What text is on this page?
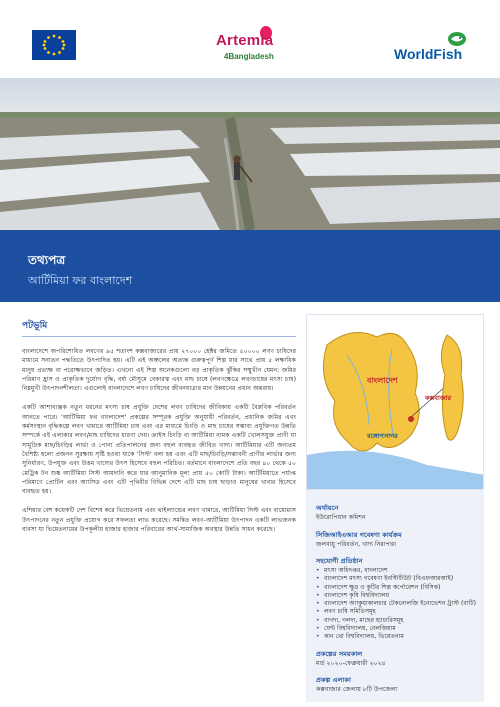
Artemia
4Bangladesh	WorldFish
তথ্যপত্র
আর্টিমিয়া ফর বাংলাদেশ
পটভূমি

বাংলাদেশে অপরিশোধিত লবণের ৯৫ শতাংশ কক্সবাজারের প্রায় ২৭০০০ হেক্টর জমিতে ৫০০০০ লবণ চাষিদের মাধ্যমে সনাতন পদ্ধতিতে উৎপাদিত হয়। এটি এই অঞ্চলের অত্যন্ত গুরুত্বপূর্ণ শিল্প যার সাথে প্রায় ৫ লক্ষাধিক মানুষ প্রত্যক্ষ বা পরোক্ষভাবে জড়িত। এখনো এই শিল্প অনেকগুলো বড় প্রাকৃতিক ঝুঁকির সম্মুখীন যেমন: জমির পরিমাণ হ্রাস ও প্রাকৃতিক দুর্যোগ বৃদ্ধি, বর্ষা মৌসুমে বেকারত্ব এবং মাছ চাষে (লবণক্ষেত্রে লবণচাষের মৎস্য চাষ) নিম্নমুখী উৎপাদনশীলতা। এগুলোই বাংলাদেশে লবণ চাষিদের জীবনযাত্রার মান উন্নয়নের প্রধান অন্তরায়।

একটি আশাব্যঞ্জক নতুন ধরনের মৎস্য চাষ প্রযুক্তি দেশের লবণ চাষিদের জীবিকায় একটি বৈপ্লবিক পরিবর্তন আনতে পারে। 'আর্টিমিয়া ফর বাংলাদেশ' প্রকল্পের সম্পূরক প্রযুক্তি অনুযায়ী পরিবর্তন, প্রধানিক জমির এবং কর্মসংস্থান বৃদ্ধিকল্পে লবণ খামারে আর্টিমিয়া চাষ এবং এর মাধ্যমে চিংড়ি ও মাছ চাষের সম্ভাব্য প্রযুক্তিগত উন্নতি সম্পর্কে এই এলাকার লবণ/মাছ চাষিদের ধারণা দেয়। ক্রাইস চিংড়ি বা আর্টিমিয়া নামক একটি খোলসযুক্ত প্রাণী যা সামুদ্রিক মাছ/চিংড়ির লার্ভা ও পোনা প্রতিপালনের জন্য বহুল ব্যবহৃত জীবিত খাদ্য। আর্টিমিয়ার এটি অন্যতম বৈশিষ্ট্য হলো প্রজনন সুরক্ষায় সৃষ্টি হওয়া যাকে 'সিস্ট' বলা হয় এবং এটি মাছ/চিংড়ি/সম্ভাবনী প্রাণীর লার্ভার জন্য সুনির্ধারণ, উপযুক্ত এবং উত্তম খাদ্যের উৎস হিসেবে বহুল পরিচিত। বর্তমানে বাংলাদেশে প্রতি বছর ৪০ থেকে ৫০ মেট্রিক টন শুষ্ক আর্টিমিয়া সিস্ট আমদানি করে যার আনুমানিক মূল্য প্রায় ৫০ কোটি টাকা। আর্টিমিয়াতে পর্যাপ্ত পরিমাণে প্রোটিন এবং অ্যাসিড এবং এটি পৃথিবীর বিভিন্ন দেশে এটি মাছ চাষ ছাড়াও মানুষের খাবার হিসেবে ব্যবহৃত হয়।

এশিয়ার বেশ কয়েকটি দেশ বিশেষ করে ভিয়েতনাম এবং থাইল্যান্ডের লবণ খামারে, আর্টিমিয়া সিস্ট এবং বায়োমাস উৎপাদনের নতুন প্রযুক্তি প্রয়োগ করে সফলতা লাভ করেছে। সমন্বিত লবণ-আর্টিমিয়া উৎপাদন একটি লাভজনক ব্যবসা যা ভিয়েতনামের উপকূলীয় হাজার হাজার পরিবারের আর্থ-সামাজিক অবস্থার উন্নতি সাধন করেছে।

বাংলাদেশ
বঙ্গোপসাগর
কক্সবাজার
অর্থায়নে
ইউরোপিয়ান কমিশন
সিজিআইএআর গবেষণা কার্যক্রম
জলবায়ু পরিবর্তন, খাদ্য নিরাপত্তা
সহযোগী প্রতিষ্ঠান
• মৎস্য অধিদপ্তর, বাংলাদেশ
• বাংলাদেশ মৎস্য গবেষণা ইনস্টিটিউট (বিএফআরআই)
• বাংলাদেশ ক্ষুদ্র ও কুটির শিল্প কর্পোরেশন (বিসিক)
• বাংলাদেশ কৃষি বিশ্ববিদ্যালয়
• বাংলাদেশ অ্যাকুয়াকালচার টেকনোলজি ইনোভেশন ট্রাস্ট (বাটি)
• লবণ চাষি সমিতিসমূহ
• বাগদা, গলদা, মাছের হ্যাচারিসমূহ
• ঘেন্ট বিশ্ববিদ্যালয়, বেলজিয়াম
• কান থো বিশ্ববিদ্যালয়, ভিয়েতনাম
প্রকল্পের সময়কাল
মার্চ ২০২০-ফেব্রুয়ারী ২০২৪
প্রকল্প এলাকা
কক্সবাজার জেলায় ৮টি উপজেলা
